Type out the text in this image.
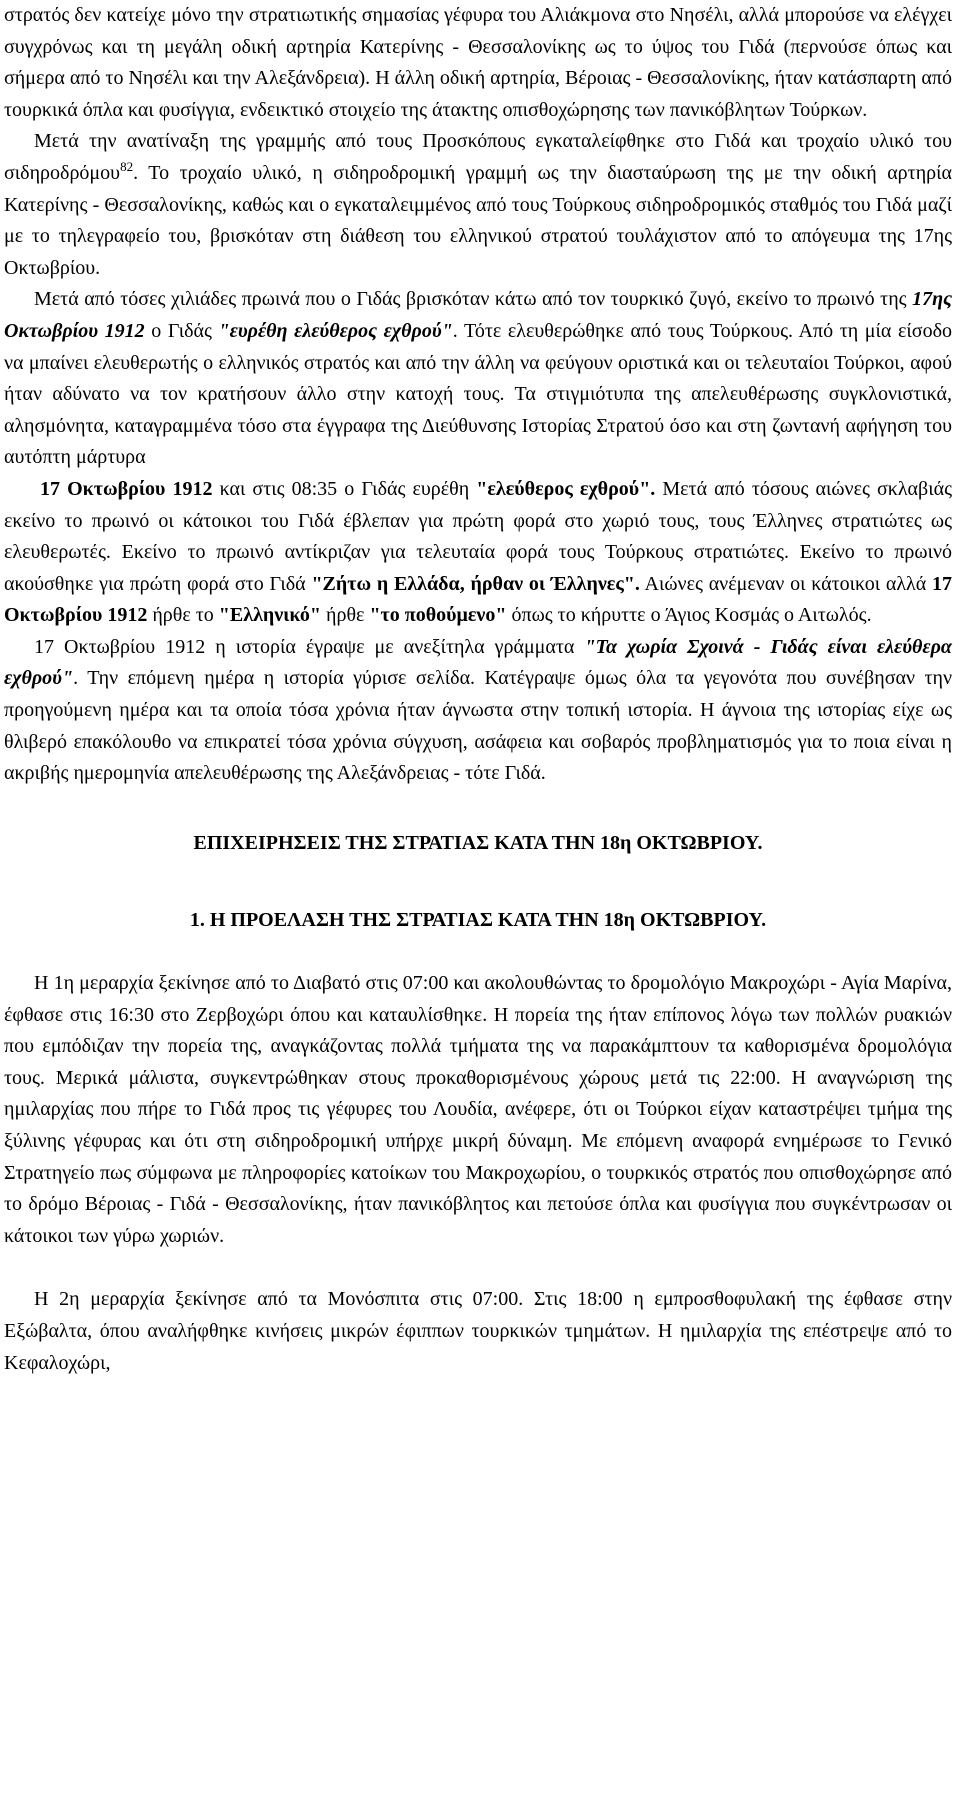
στρατός δεν κατείχε μόνο την στρατιωτικής σημασίας γέφυρα του Αλιάκμονα στο Νησέλι, αλλά μπορούσε να ελέγχει συγχρόνως και τη μεγάλη οδική αρτηρία Κατερίνης - Θεσσαλονίκης ως το ύψος του Γιδά (περνούσε όπως και σήμερα από το Νησέλι και την Αλεξάνδρεια). Η άλλη οδική αρτηρία, Βέροιας - Θεσσαλονίκης, ήταν κατάσπαρτη από τουρκικά όπλα και φυσίγγια, ενδεικτικό στοιχείο της άτακτης οπισθοχώρησης των πανικόβλητων Τούρκων.

Μετά την ανατίναξη της γραμμής από τους Προσκόπους εγκαταλείφθηκε στο Γιδά και τροχαίο υλικό του σιδηροδρόμου$^{82}$. Το τροχαίο υλικό, η σιδηροδρομική γραμμή ως την διασταύρωση της με την οδική αρτηρία Κατερίνης - Θεσσαλονίκης, καθώς και ο εγκαταλειμμένος από τους Τούρκους σιδηροδρομικός σταθμός του Γιδά μαζί με το τηλεγραφείο του, βρισκόταν στη διάθεση του ελληνικού στρατού τουλάχιστον από το απόγευμα της 17ης Οκτωβρίου.

Μετά από τόσες χιλιάδες πρωινά που ο Γιδάς βρισκόταν κάτω από τον τουρκικό ζυγό, εκείνο το πρωινό της 17ης Οκτωβρίου 1912 ο Γιδάς "ευρέθη ελεύθερος εχθρού". Τότε ελευθερώθηκε από τους Τούρκους. Από τη μία είσοδο να μπαίνει ελευθερωτής ο ελληνικός στρατός και από την άλλη να φεύγουν οριστικά και οι τελευταίοι Τούρκοι, αφού ήταν αδύνατο να τον κρατήσουν άλλο στην κατοχή τους. Τα στιγμιότυπα της απελευθέρωσης συγκλονιστικά, αλησμόνητα, καταγραμμένα τόσο στα έγγραφα της Διεύθυνσης Ιστορίας Στρατού όσο και στη ζωντανή αφήγηση του αυτόπτη μάρτυρα

17 Οκτωβρίου 1912 και στις 08:35 ο Γιδάς ευρέθη "ελεύθερος εχθρού". Μετά από τόσους αιώνες σκλαβιάς εκείνο το πρωινό οι κάτοικοι του Γιδά έβλεπαν για πρώτη φορά στο χωριό τους, τους Έλληνες στρατιώτες ως ελευθερωτές. Εκείνο το πρωινό αντίκριζαν για τελευταία φορά τους Τούρκους στρατιώτες. Εκείνο το πρωινό ακούσθηκε για πρώτη φορά στο Γιδά "Ζήτω η Ελλάδα, ήρθαν οι Έλληνες". Αιώνες ανέμεναν οι κάτοικοι αλλά 17 Οκτωβρίου 1912 ήρθε το "Ελληνικό" ήρθε "το ποθούμενο" όπως το κήρυττε ο Άγιος Κοσμάς ο Αιτωλός.

17 Οκτωβρίου 1912 η ιστορία έγραψε με ανεξίτηλα γράμματα "Τα χωρία Σχοινά - Γιδάς είναι ελεύθερα εχθρού". Την επόμενη ημέρα η ιστορία γύρισε σελίδα. Κατέγραψε όμως όλα τα γεγονότα που συνέβησαν την προηγούμενη ημέρα και τα οποία τόσα χρόνια ήταν άγνωστα στην τοπική ιστορία. Η άγνοια της ιστορίας είχε ως θλιβερό επακόλουθο να επικρατεί τόσα χρόνια σύγχυση, ασάφεια και σοβαρός προβληματισμός για το ποια είναι η ακριβής ημερομηνία απελευθέρωσης της Αλεξάνδρειας - τότε Γιδά.

ΕΠΙΧΕΙΡΗΣΕΙΣ ΤΗΣ ΣΤΡΑΤΙΑΣ ΚΑΤΑ ΤΗΝ 18η ΟΚΤΩΒΡΙΟΥ.
1. Η ΠΡΟΕΛΑΣΗ ΤΗΣ ΣΤΡΑΤΙΑΣ ΚΑΤΑ ΤΗΝ 18η ΟΚΤΩΒΡΙΟΥ.

Η 1η μεραρχία ξεκίνησε από το Διαβατό στις 07:00 και ακολουθώντας το δρομολόγιο Μακροχώρι - Αγία Μαρίνα, έφθασε στις 16:30 στο Ζερβοχώρι όπου και καταυλίσθηκε. Η πορεία της ήταν επίπονος λόγω των πολλών ρυακιών που εμπόδιζαν την πορεία της, αναγκάζοντας πολλά τμήματα της να παρακάμπτουν τα καθορισμένα δρομολόγια τους. Μερικά μάλιστα, συγκεντρώθηκαν στους προκαθορισμένους χώρους μετά τις 22:00. Η αναγνώριση της ημιλαρχίας που πήρε το Γιδά προς τις γέφυρες του Λουδία, ανέφερε, ότι οι Τούρκοι είχαν καταστρέψει τμήμα της ξύλινης γέφυρας και ότι στη σιδηροδρομική υπήρχε μικρή δύναμη. Με επόμενη αναφορά ενημέρωσε το Γενικό Στρατηγείο πως σύμφωνα με πληροφορίες κατοίκων του Μακροχωρίου, ο τουρκικός στρατός που οπισθοχώρησε από το δρόμο Βέροιας - Γιδά - Θεσσαλονίκης, ήταν πανικόβλητος και πετούσε όπλα και φυσίγγια που συγκέντρωσαν οι κάτοικοι των γύρω χωριών.

Η 2η μεραρχία ξεκίνησε από τα Μονόσπιτα στις 07:00. Στις 18:00 η εμπροσθοφυλακή της έφθασε στην Εξώβαλτα, όπου αναλήφθηκε κινήσεις μικρών έφιππων τουρκικών τμημάτων. Η ημιλαρχία της επέστρεψε από το Κεφαλοχώρι,
